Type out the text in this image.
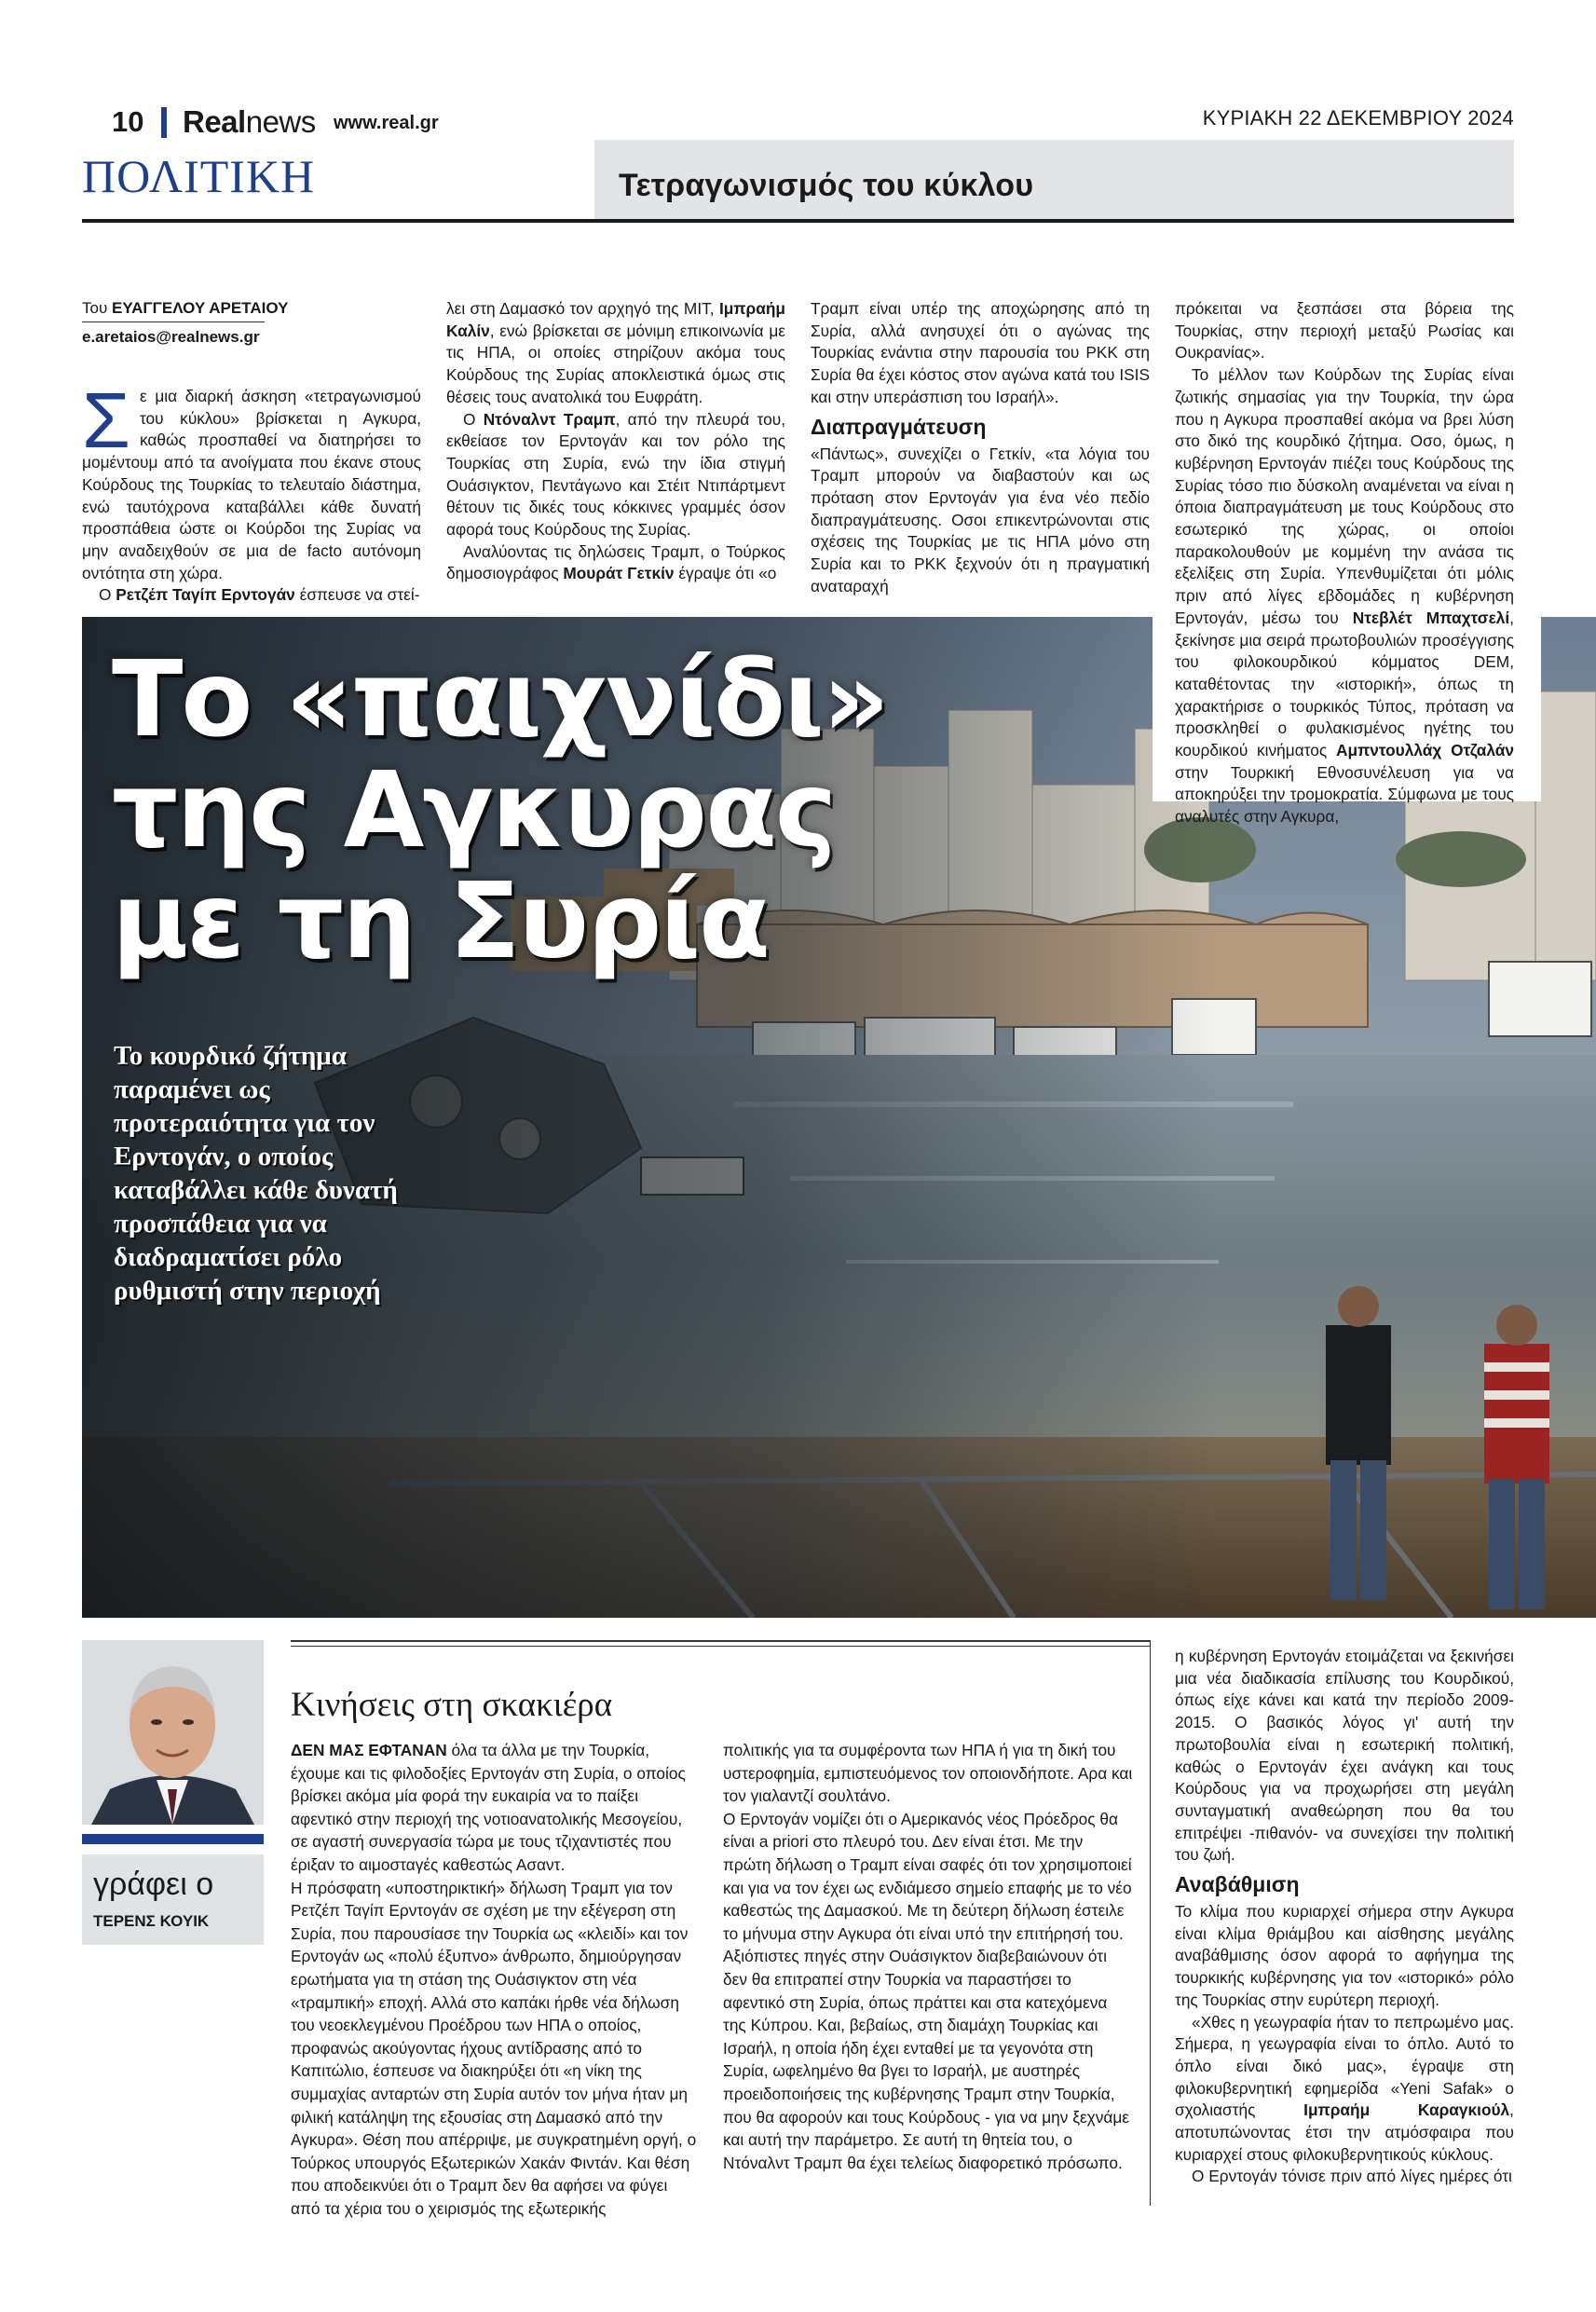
10 Realnews www.real.gr	ΚΥΡΙΑΚΗ 22 ΔΕΚΕΜΒΡΙΟΥ 2024
ΠΟΛΙΤΙΚΗ	Τετραγωνισμός του κύκλου
Του ΕΥΑΓΓΕΛΟΥ ΑΡΕΤΑΙΟΥ
e.aretaios@realnews.gr

Σε μια διαρκή άσκηση «τετραγωνισμού του κύκλου» βρίσκεται η Αγκυρα, καθώς προσπαθεί να διατηρήσει το μομέντουμ από τα ανοίγματα που έκανε στους Κούρδους της Τουρκίας το τελευταίο διάστημα, ενώ ταυτόχρονα καταβάλλει κάθε δυνατή προσπάθεια ώστε οι Κούρδοι της Συρίας να μην αναδειχθούν σε μια de facto αυτόνομη οντότητα στη χώρα.

Ο Ρετζέπ Ταγίπ Ερντογάν έσπευσε να στεί-

λει στη Δαμασκό τον αρχηγό της ΜΙΤ, Ιμπραήμ Καλίν, ενώ βρίσκεται σε μόνιμη επικοινωνία με τις ΗΠΑ, οι οποίες στηρίζουν ακόμα τους Κούρδους της Συρίας αποκλειστικά όμως στις θέσεις τους ανατολικά του Ευφράτη.

Ο Ντόναλντ Τραμπ, από την πλευρά του, εκθείασε τον Ερντογάν και τον ρόλο της Τουρκίας στη Συρία, ενώ την ίδια στιγμή Ουάσιγκτον, Πεντάγωνο και Στέιτ Ντιπάρτμεντ θέτουν τις δικές τους κόκκινες γραμμές όσον αφορά τους Κούρδους της Συρίας.

Αναλύοντας τις δηλώσεις Τραμπ, ο Τούρκος δημοσιογράφος Μουράτ Γετκίν έγραψε ότι «ο

Τραμπ είναι υπέρ της αποχώρησης από τη Συρία, αλλά ανησυχεί ότι ο αγώνας της Τουρκίας ενάντια στην παρουσία του PKK στη Συρία θα έχει κόστος στον αγώνα κατά του ISIS και στην υπεράσπιση του Ισραήλ».

Διαπραγμάτευση

«Πάντως», συνεχίζει ο Γετκίν, «τα λόγια του Τραμπ μπορούν να διαβαστούν και ως πρόταση στον Ερντογάν για ένα νέο πεδίο διαπραγμάτευσης. Οσοι επικεντρώνονται στις σχέσεις της Τουρκίας με τις ΗΠΑ μόνο στη Συρία και το PKK ξεχνούν ότι η πραγματική αναταραχή

πρόκειται να ξεσπάσει στα βόρεια της Τουρκίας, στην περιοχή μεταξύ Ρωσίας και Ουκρανίας».

Το μέλλον των Κούρδων της Συρίας είναι ζωτικής σημασίας για την Τουρκία, την ώρα που η Αγκυρα προσπαθεί ακόμα να βρει λύση στο δικό της κουρδικό ζήτημα. Οσο, όμως, η κυβέρνηση Ερντογάν πιέζει τους Κούρδους της Συρίας τόσο πιο δύσκολη αναμένεται να είναι η όποια διαπραγμάτευση με τους Κούρδους στο εσωτερικό της χώρας, οι οποίοι παρακολουθούν με κομμένη την ανάσα τις εξελίξεις στη Συρία. Υπενθυμίζεται ότι μόλις πριν από λίγες εβδομάδες η κυβέρνηση Ερντογάν, μέσω του Ντεβλέτ Μπαχτσελί, ξεκίνησε μια σειρά πρωτοβουλιών προσέγγισης του φιλοκουρδικού κόμματος DEM, καταθέτοντας την «ιστορική», όπως τη χαρακτήρισε ο τουρκικός Τύπος, πρόταση να προσκληθεί ο φυλακισμένος ηγέτης του κουρδικού κινήματος Αμπντουλλάχ Οτζαλάν στην Τουρκική Εθνοσυνέλευση για να αποκηρύξει την τρομοκρατία. Σύμφωνα με τους αναλυτές στην Αγκυρα,

Το «παιχνίδι»
της Αγκυρας
με τη Συρία
Το κουρδικό ζήτημα παραμένει ως προτεραιότητα για τον Ερντογάν, ο οποίος καταβάλλει κάθε δυνατή προσπάθεια για να διαδραματίσει ρόλο ρυθμιστή στην περιοχή
γράφει ο
ΤΕΡΕΝΣ ΚΟΥΙΚ
Κινήσεις στη σκακιέρα

ΔΕΝ ΜΑΣ ΕΦΤΑΝΑΝ όλα τα άλλα με την Τουρκία, έχουμε και τις φιλοδοξίες Ερντογάν στη Συρία, ο οποίος βρίσκει ακόμα μία φορά την ευκαιρία να το παίξει αφεντικό στην περιοχή της νοτιοανατολικής Μεσογείου, σε αγαστή συνεργασία τώρα με τους τζιχαντιστές που έριξαν το αιμοσταγές καθεστώς Ασαντ.

Η πρόσφατη «υποστηρικτική» δήλωση Τραμπ για τον Ρετζέπ Ταγίπ Ερντογάν σε σχέση με την εξέγερση στη Συρία, που παρουσίασε την Τουρκία ως «κλειδί» και τον Ερντογάν ως «πολύ έξυπνο» άνθρωπο, δημιούργησαν ερωτήματα για τη στάση της Ουάσιγκτον στη νέα «τραμπική» εποχή. Αλλά στο καπάκι ήρθε νέα δήλωση του νεοεκλεγμένου Προέδρου των ΗΠΑ ο οποίος, προφανώς ακούγοντας ήχους αντίδρασης από το Καπιτώλιο, έσπευσε να διακηρύξει ότι «η νίκη της συμμαχίας ανταρτών στη Συρία αυτόν τον μήνα ήταν μη φιλική κατάληψη της εξουσίας στη Δαμασκό από την Αγκυρα». Θέση που απέρριψε, με συγκρατημένη οργή, ο Τούρκος υπουργός Εξωτερικών Χακάν Φιντάν. Και θέση που αποδεικνύει ότι ο Τραμπ δεν θα αφήσει να φύγει από τα χέρια του ο χειρισμός της εξωτερικής

πολιτικής για τα συμφέροντα των ΗΠΑ ή για τη δική του υστεροφημία, εμπιστευόμενος τον οποιονδήποτε. Αρα και τον γιαλαντζί σουλτάνο.

Ο Ερντογάν νομίζει ότι ο Αμερικανός νέος Πρόεδρος θα είναι a priori στο πλευρό του. Δεν είναι έτσι. Με την πρώτη δήλωση ο Τραμπ είναι σαφές ότι τον χρησιμοποιεί και για να τον έχει ως ενδιάμεσο σημείο επαφής με το νέο καθεστώς της Δαμασκού. Με τη δεύτερη δήλωση έστειλε το μήνυμα στην Αγκυρα ότι είναι υπό την επιτήρησή του. Αξιόπιστες πηγές στην Ουάσιγκτον διαβεβαιώνουν ότι δεν θα επιτραπεί στην Τουρκία να παραστήσει το αφεντικό στη Συρία, όπως πράττει και στα κατεχόμενα της Κύπρου. Και, βεβαίως, στη διαμάχη Τουρκίας και Ισραήλ, η οποία ήδη έχει ενταθεί με τα γεγονότα στη Συρία, ωφελημένο θα βγει το Ισραήλ, με αυστηρές προειδοποιήσεις της κυβέρνησης Τραμπ στην Τουρκία, που θα αφορούν και τους Κούρδους - για να μην ξεχνάμε και αυτή την παράμετρο. Σε αυτή τη θητεία του, ο Ντόναλντ Τραμπ θα έχει τελείως διαφορετικό πρόσωπο.

η κυβέρνηση Ερντογάν ετοιμάζεται να ξεκινήσει μια νέα διαδικασία επίλυσης του Κουρδικού, όπως είχε κάνει και κατά την περίοδο 2009-2015. Ο βασικός λόγος γι' αυτή την πρωτοβουλία είναι η εσωτερική πολιτική, καθώς ο Ερντογάν έχει ανάγκη και τους Κούρδους για να προχωρήσει στη μεγάλη συνταγματική αναθεώρηση που θα του επιτρέψει -πιθανόν- να συνεχίσει την πολιτική του ζωή.

Αναβάθμιση

Το κλίμα που κυριαρχεί σήμερα στην Αγκυρα είναι κλίμα θριάμβου και αίσθησης μεγάλης αναβάθμισης όσον αφορά το αφήγημα της τουρκικής κυβέρνησης για τον «ιστορικό» ρόλο της Τουρκίας στην ευρύτερη περιοχή.

«Χθες η γεωγραφία ήταν το πεπρωμένο μας. Σήμερα, η γεωγραφία είναι το όπλο. Αυτό το όπλο είναι δικό μας», έγραψε στη φιλοκυβερνητική εφημερίδα «Yeni Safak» ο σχολιαστής Ιμπραήμ Καραγκιούλ, αποτυπώνοντας έτσι την ατμόσφαιρα που κυριαρχεί στους φιλοκυβερνητικούς κύκλους.

Ο Ερντογάν τόνισε πριν από λίγες ημέρες ότι
